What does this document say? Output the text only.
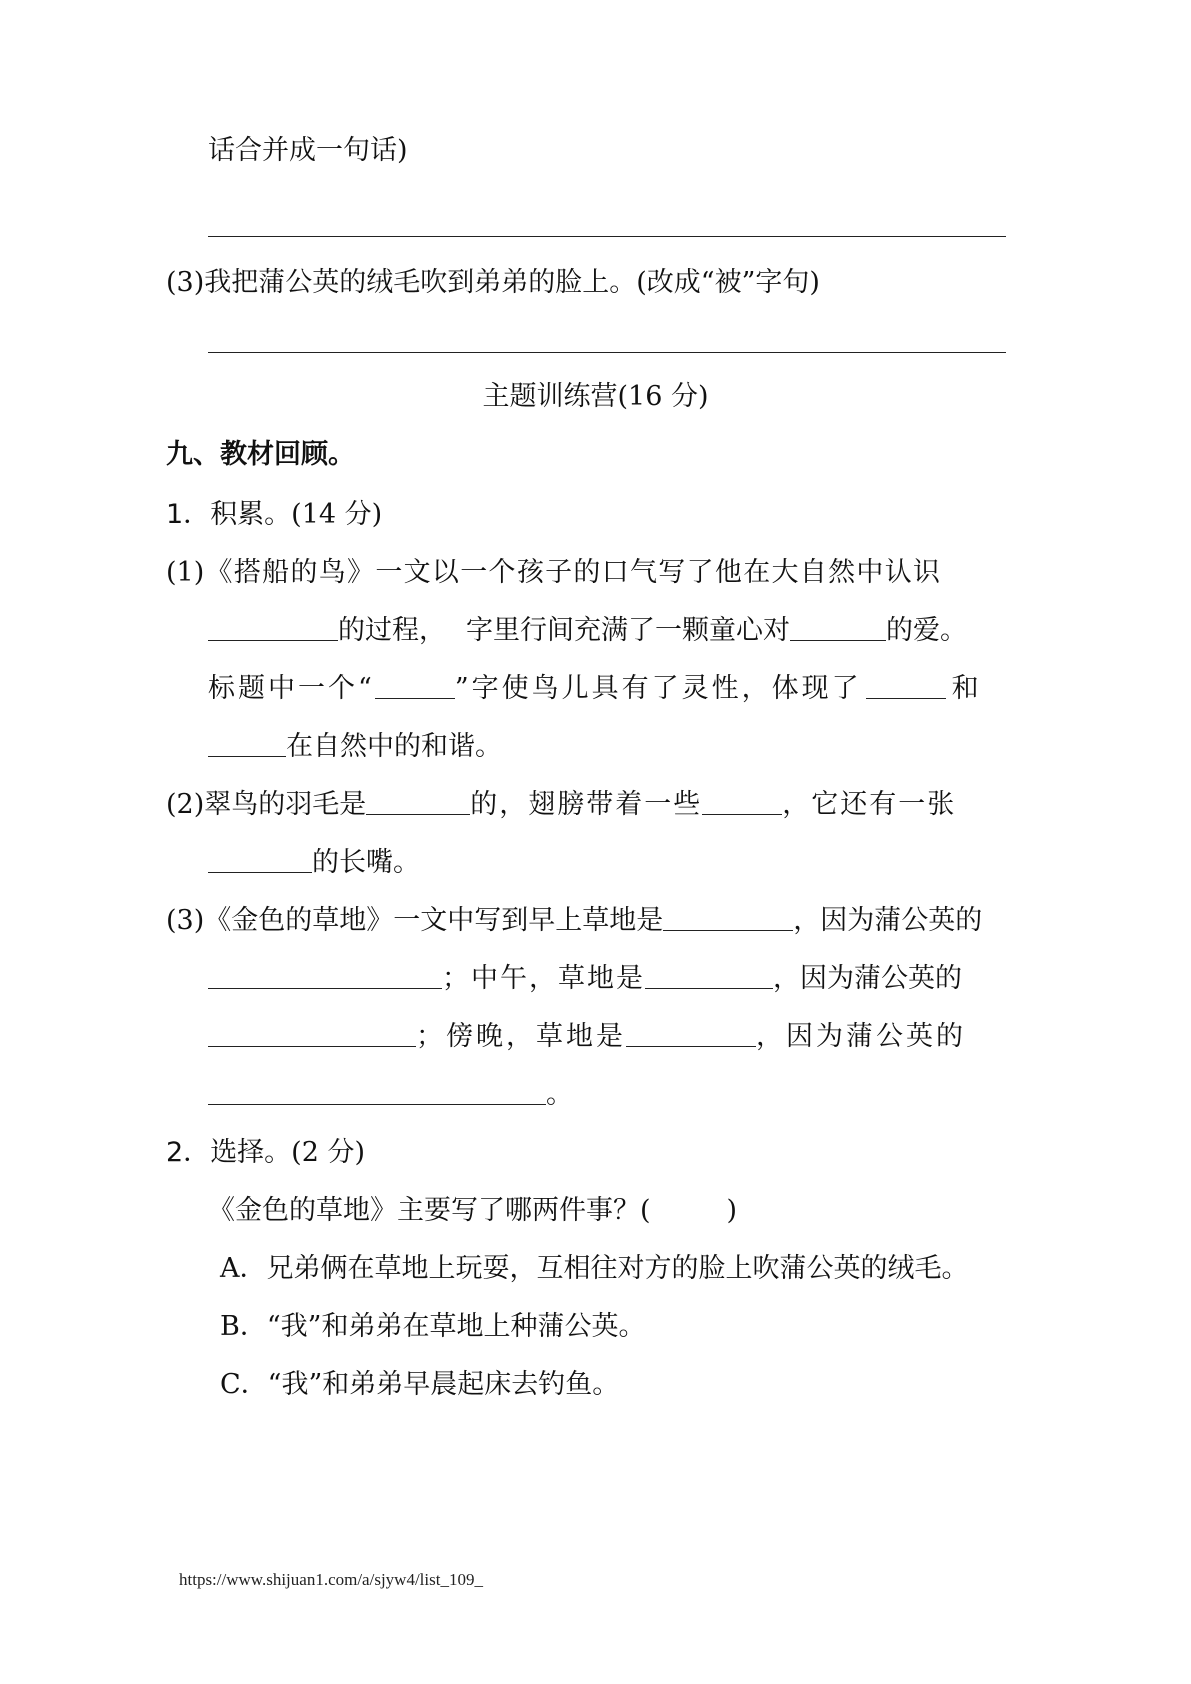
话合并成一句话)
(3)我把蒲公英的绒毛吹到弟弟的脸上。(改成“被”字句)
主题训练营(16 分)
九、教材回顾。
1．积累。(14 分)
(1)《搭船的鸟》一文以一个孩子的口气写了他在大自然中认识
的过程， 字里行间充满了一颗童心对	的爱。
标题中一个“	”字使鸟儿具有了灵性，体现了	和
在自然中的和谐。
(2)翠鸟的羽毛是	的，翅膀带着一些	，它还有一张
的长嘴。
(3)《金色的草地》一文中写到早上草地是	，因为蒲公英的
；中午，草地是	，因为蒲公英的
；傍晚，草地是	，因为蒲公英的
。
2．选择。(2 分)
《金色的草地》主要写了哪两件事？(	)
A．兄弟俩在草地上玩耍，互相往对方的脸上吹蒲公英的绒毛。
B．“我”和弟弟在草地上种蒲公英。
C．“我”和弟弟早晨起床去钓鱼。
https://www.shijuan1.com/a/sjyw4/list_109_
